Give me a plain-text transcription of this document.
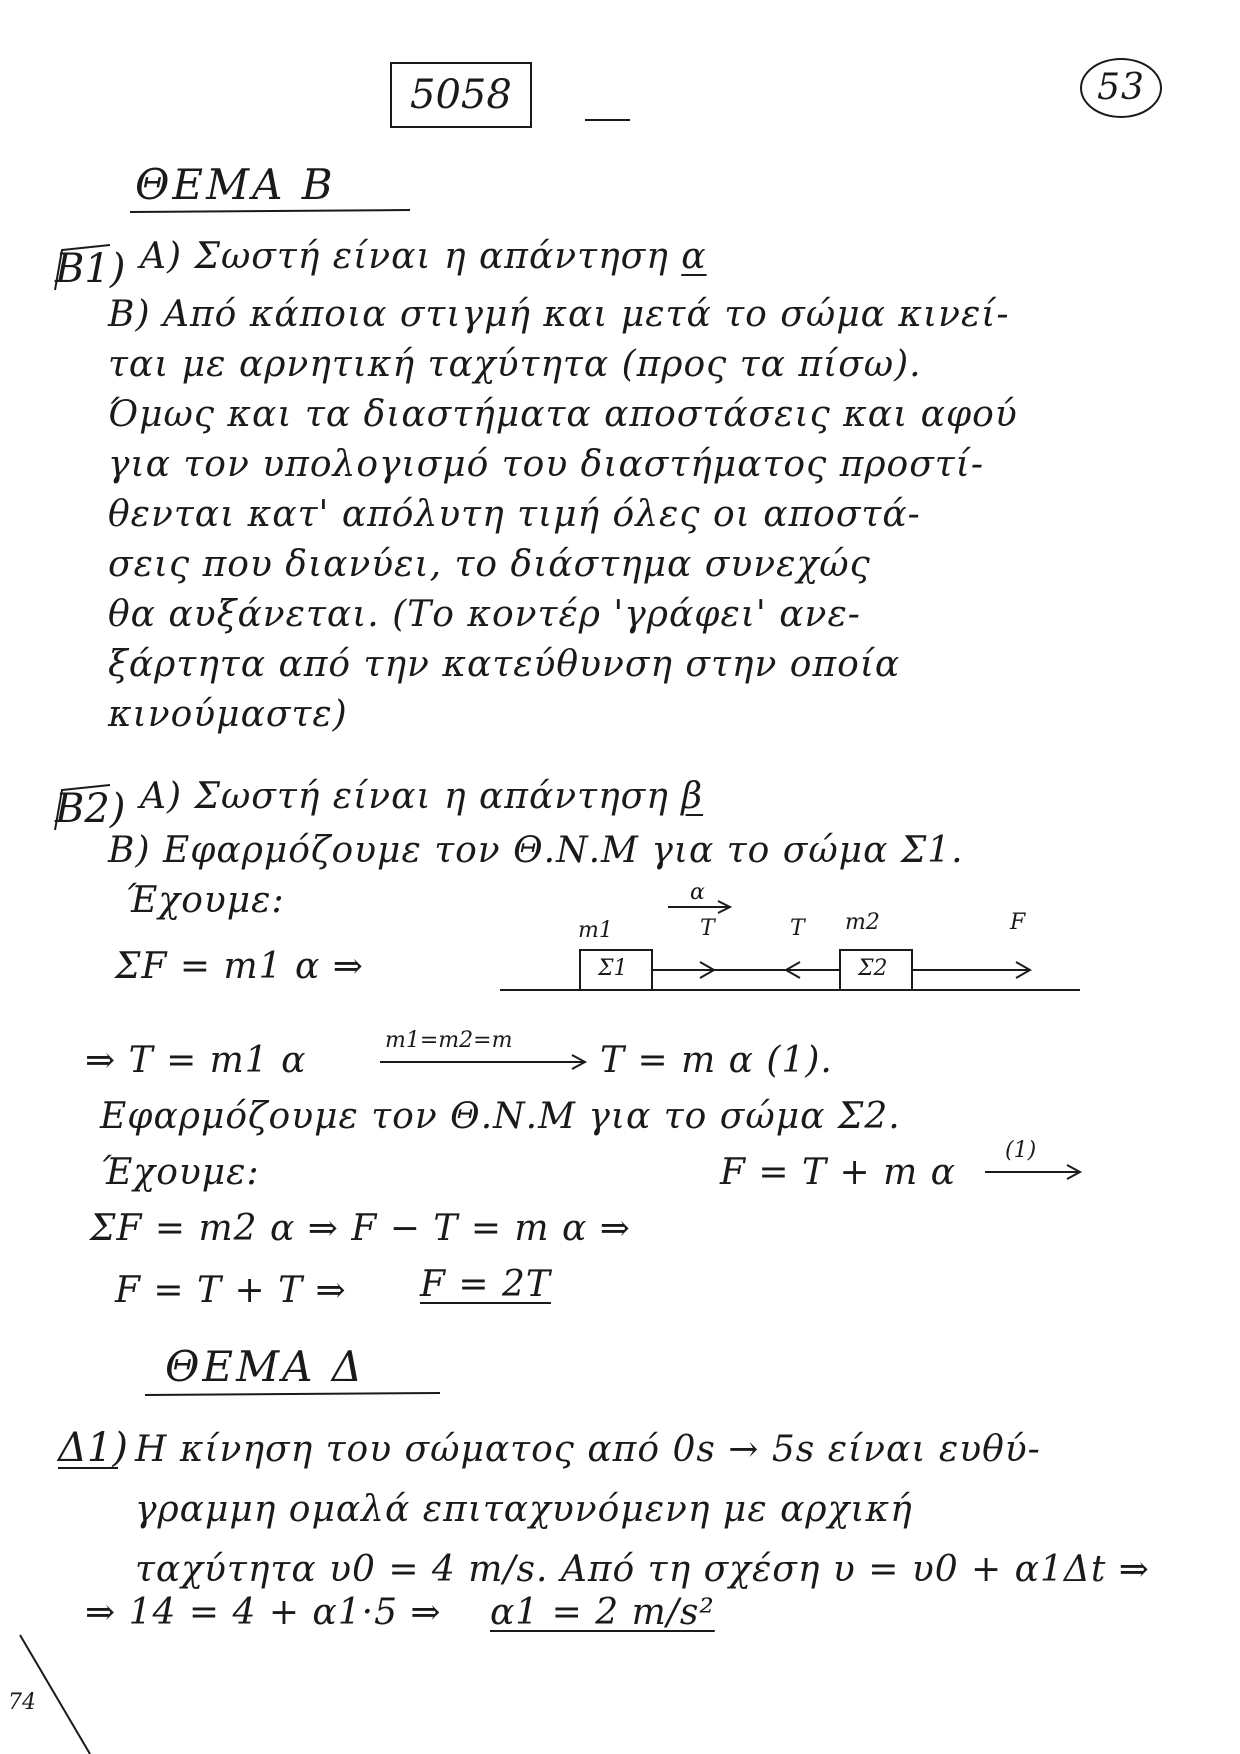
5058	53
ΘΕΜΑ Β
Β1) Α) Σωστή είναι η απάντηση α
Β) Από κάποια στιγμή και μετά το σώμα κινεί-
ται με αρνητική ταχύτητα (προς τα πίσω).
Όμως και τα διαστήματα αποστάσεις και αφού
για τον υπολογισμό του διαστήματος προστί-
θενται κατ' απόλυτη τιμή όλες οι αποστά-
σεις που διανύει, το διάστημα συνεχώς
θα αυξάνεται. (Το κοντέρ 'γράφει' ανε-
ξάρτητα από την κατεύθυνση στην οποία
κινούμαστε)
Β2) Α) Σωστή είναι η απάντηση β
Β) Εφαρμόζουμε τον Θ.Ν.Μ για το σώμα Σ1.
Έχουμε:
ΣF = m1 α ⇒
m1
α
T	T m2	F
Σ1	Σ2
⇒ T = m1 α	m1=m2=m T = m α (1).
Εφαρμόζουμε τον Θ.Ν.Μ για το σώμα Σ2.
Έχουμε:
ΣF = m2 α ⇒ F − T = m α ⇒
F = T + m α
(1)
F = T + T ⇒ F = 2T
ΘΕΜΑ Δ
Δ1) Η κίνηση του σώματος από 0s → 5s είναι ευθύ-
γραμμη ομαλά επιταχυνόμενη με αρχική
ταχύτητα υ0 = 4 m/s. Από τη σχέση υ = υ0 + α1Δt ⇒
⇒ 14 = 4 + α1·5 ⇒ α1 = 2 m/s²
74
